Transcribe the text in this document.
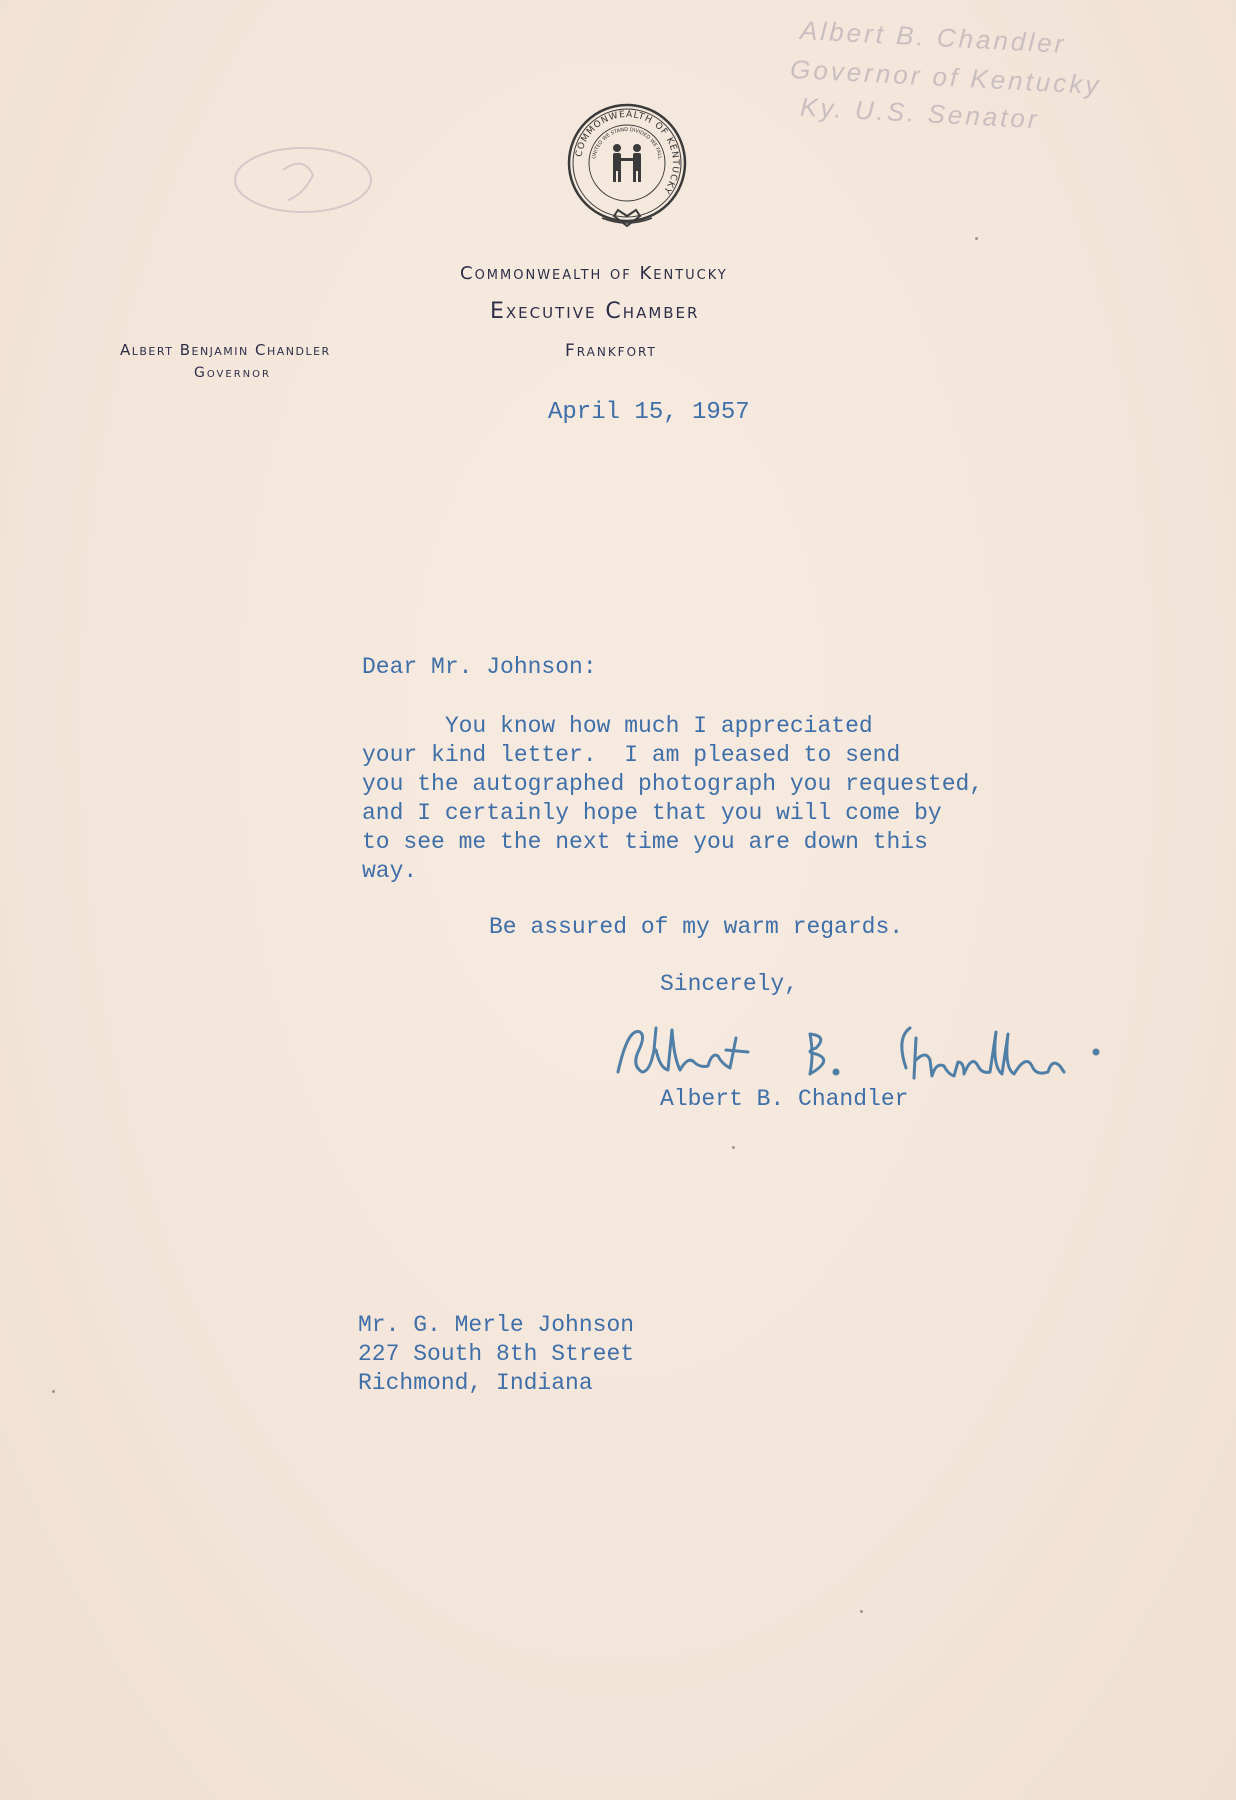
Albert B. Chandler
Governor of Kentucky
Ky. U.S. Senator
COMMONWEALTH OF KENTUCKY
UNITED WE STAND DIVIDED WE FALL
Commonwealth of Kentucky
Executive Chamber
Frankfort
Albert Benjamin Chandler
Governor
April 15, 1957
Dear Mr. Johnson:
You know how much I appreciated
your kind letter.  I am pleased to send
you the autographed photograph you requested,
and I certainly hope that you will come by
to see me the next time you are down this
way.
Be assured of my warm regards.
Sincerely,
Albert B. Chandler
Mr. G. Merle Johnson
227 South 8th Street
Richmond, Indiana
